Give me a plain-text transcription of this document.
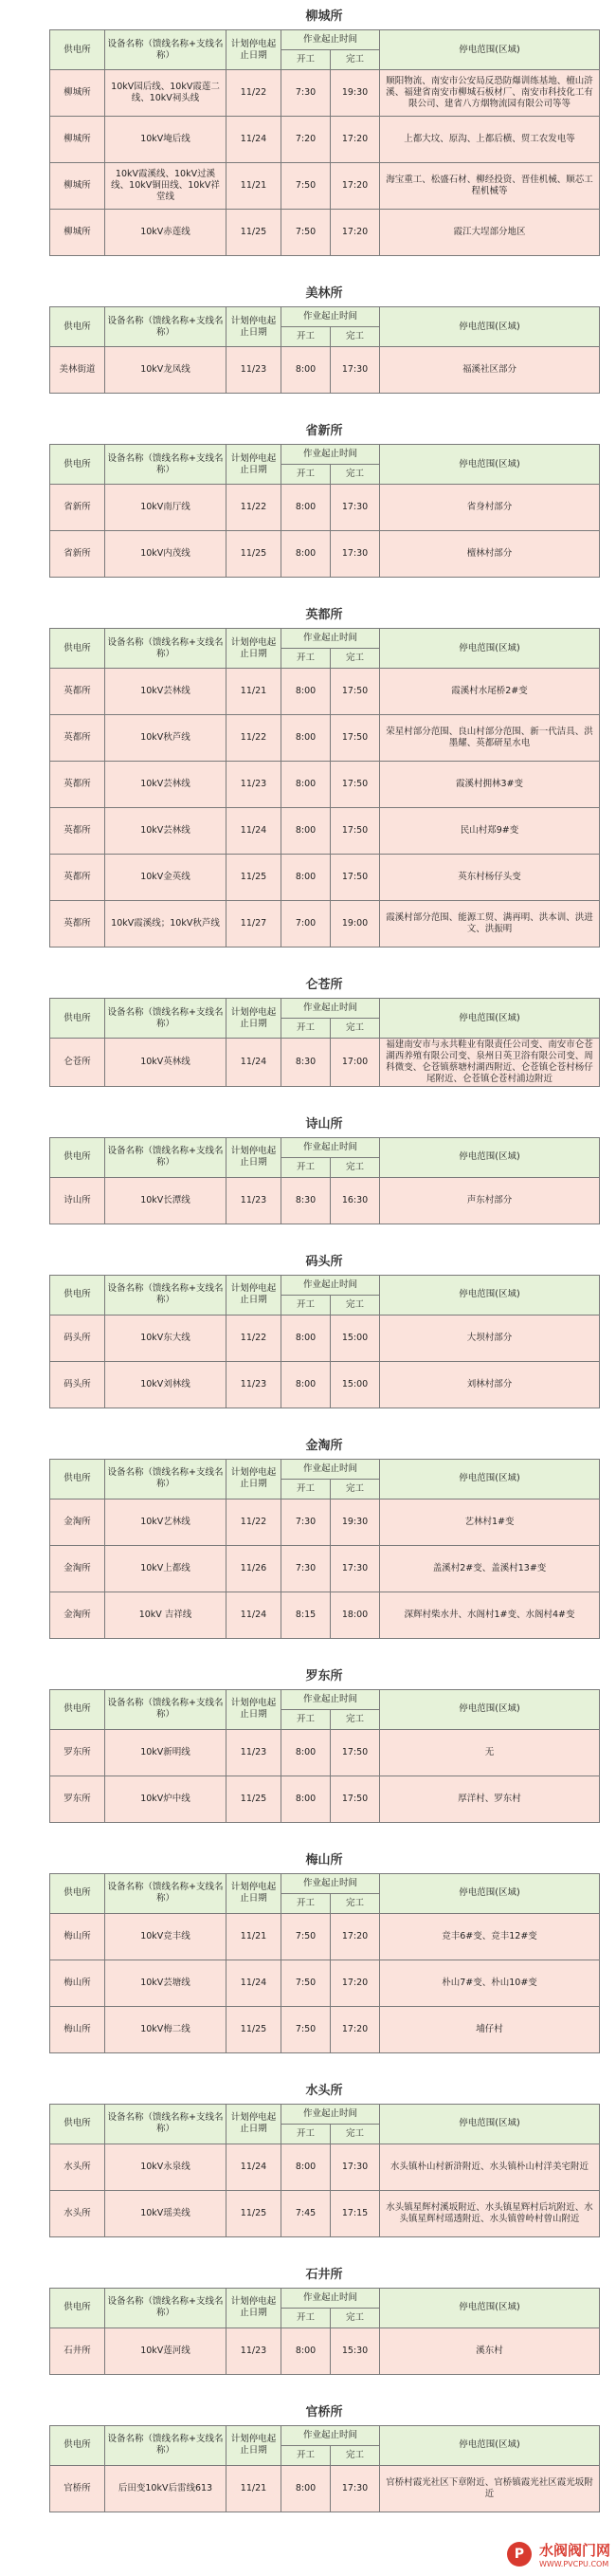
柳城所
供电所	设备名称（馈线名称+支线名称）	计划停电起止日期	作业起止时间		停电范围(区域)
			开工	完工	
柳城所	10kV园后线、10kV霞莲二线、10kV祠头线	11/22	7:30	19:30	顺阳物流、南安市公安局反恐防爆训练基地、檀山浒溪、福建省南安市柳城石板材厂、南安市科技化工有限公司、建省八方烟物流园有限公司等等
柳城所	10kV埯后线	11/24	7:20	17:20	上都大坟、原沟、上都后横、贸工农发电等
柳城所	10kV霞溪线、10kV过溪线、10kV铜田线、10kV祥堂线	11/21	7:50	17:20	海宝重工、松盛石材、柳经投资、晋佳机械、顺芯工程机械等
柳城所	10kV赤莲线	11/25	7:50	17:20	霞江大埕部分地区
美林所
供电所	设备名称（馈线名称+支线名称）	计划停电起止日期	作业起止时间		停电范围(区域)
			开工	完工	
美林街道	10kV龙凤线	11/23	8:00	17:30	福溪社区部分
省新所
供电所	设备名称（馈线名称+支线名称）	计划停电起止日期	作业起止时间		停电范围(区域)
			开工	完工	
省新所	10kV南厅线	11/22	8:00	17:30	省身村部分
省新所	10kV内茂线	11/25	8:00	17:30	檀林村部分
英都所
供电所	设备名称（馈线名称+支线名称）	计划停电起止日期	作业起止时间		停电范围(区域)
			开工	完工	
英都所	10kV芸林线	11/21	8:00	17:50	霞溪村水尾桥2#变
英都所	10kV秋芦线	11/22	8:00	17:50	荣星村部分范围、良山村部分范围、新一代洁具、洪墨耀、英都研星水电
英都所	10kV芸林线	11/23	8:00	17:50	霞溪村拥林3#变
英都所	10kV芸林线	11/24	8:00	17:50	民山村郑9#变
英都所	10kV金英线	11/25	8:00	17:50	英东村杨仔头变
英都所	10kV霞溪线；10kV秋芦线	11/27	7:00	19:00	霞溪村部分范围、能源工贸、满再明、洪本训、洪进文、洪振明
仑苍所
供电所	设备名称（馈线名称+支线名称）	计划停电起止日期	作业起止时间		停电范围(区域)
			开工	完工	
仑苍所	10kV英林线	11/24	8:30	17:00	福建南安市与永共鞋业有限责任公司变、南安市仑苍湖西养殖有限公司变、泉州日英卫浴有限公司变、周科微变、仑苍镇蔡塘村湖西附近、仑苍镇仑苍村杨仔尾附近、仑苍镇仑苍村浦边附近
诗山所
供电所	设备名称（馈线名称+支线名称）	计划停电起止日期	作业起止时间		停电范围(区域)
			开工	完工	
诗山所	10kV长潭线	11/23	8:30	16:30	声东村部分
码头所
供电所	设备名称（馈线名称+支线名称）	计划停电起止日期	作业起止时间		停电范围(区域)
			开工	完工	
码头所	10kV东大线	11/22	8:00	15:00	大坝村部分
码头所	10kV刘林线	11/23	8:00	15:00	刘林村部分
金淘所
供电所	设备名称（馈线名称+支线名称）	计划停电起止日期	作业起止时间		停电范围(区域)
			开工	完工	
金淘所	10kV艺林线	11/22	7:30	19:30	艺林村1#变
金淘所	10kV上都线	11/26	7:30	17:30	盖溪村2#变、盖溪村13#变
金淘所	10kV 吉祥线	11/24	8:15	18:00	深辉村柴水井、水阁村1#变、水阁村4#变
罗东所
供电所	设备名称（馈线名称+支线名称）	计划停电起止日期	作业起止时间		停电范围(区域)
			开工	完工	
罗东所	10kV新明线	11/23	8:00	17:50	无
罗东所	10kV炉中线	11/25	8:00	17:50	厚洋村、罗东村
梅山所
供电所	设备名称（馈线名称+支线名称）	计划停电起止日期	作业起止时间		停电范围(区域)
			开工	完工	
梅山所	10kV竞丰线	11/21	7:50	17:20	竞丰6#变、竞丰12#变
梅山所	10kV芸塘线	11/24	7:50	17:20	朴山7#变、朴山10#变
梅山所	10kV梅二线	11/25	7:50	17:20	埔仔村
水头所
供电所	设备名称（馈线名称+支线名称）	计划停电起止日期	作业起止时间		停电范围(区域)
			开工	完工	
水头所	10kV永泉线	11/24	8:00	17:30	水头镇朴山村新浒附近、水头镇朴山村洋美宅附近
水头所	10kV瑶美线	11/25	7:45	17:15	水头镇星辉村溪坂附近、水头镇星辉村后坑附近、水头镇星辉村瑶透附近、水头镇曾岭村曾山附近
石井所
供电所	设备名称（馈线名称+支线名称）	计划停电起止日期	作业起止时间		停电范围(区域)
			开工	完工	
石井所	10kV莲河线	11/23	8:00	15:30	溪东村
官桥所
供电所	设备名称（馈线名称+支线名称）	计划停电起止日期	作业起止时间		停电范围(区域)
			开工	完工	
官桥所	后田变10kV后雷线613	11/21	8:00	17:30	官桥村霞光社区下章附近、官桥镇霞光社区霞光坂附近
P 水阀阀门网
WWW.PVCPU.COM
